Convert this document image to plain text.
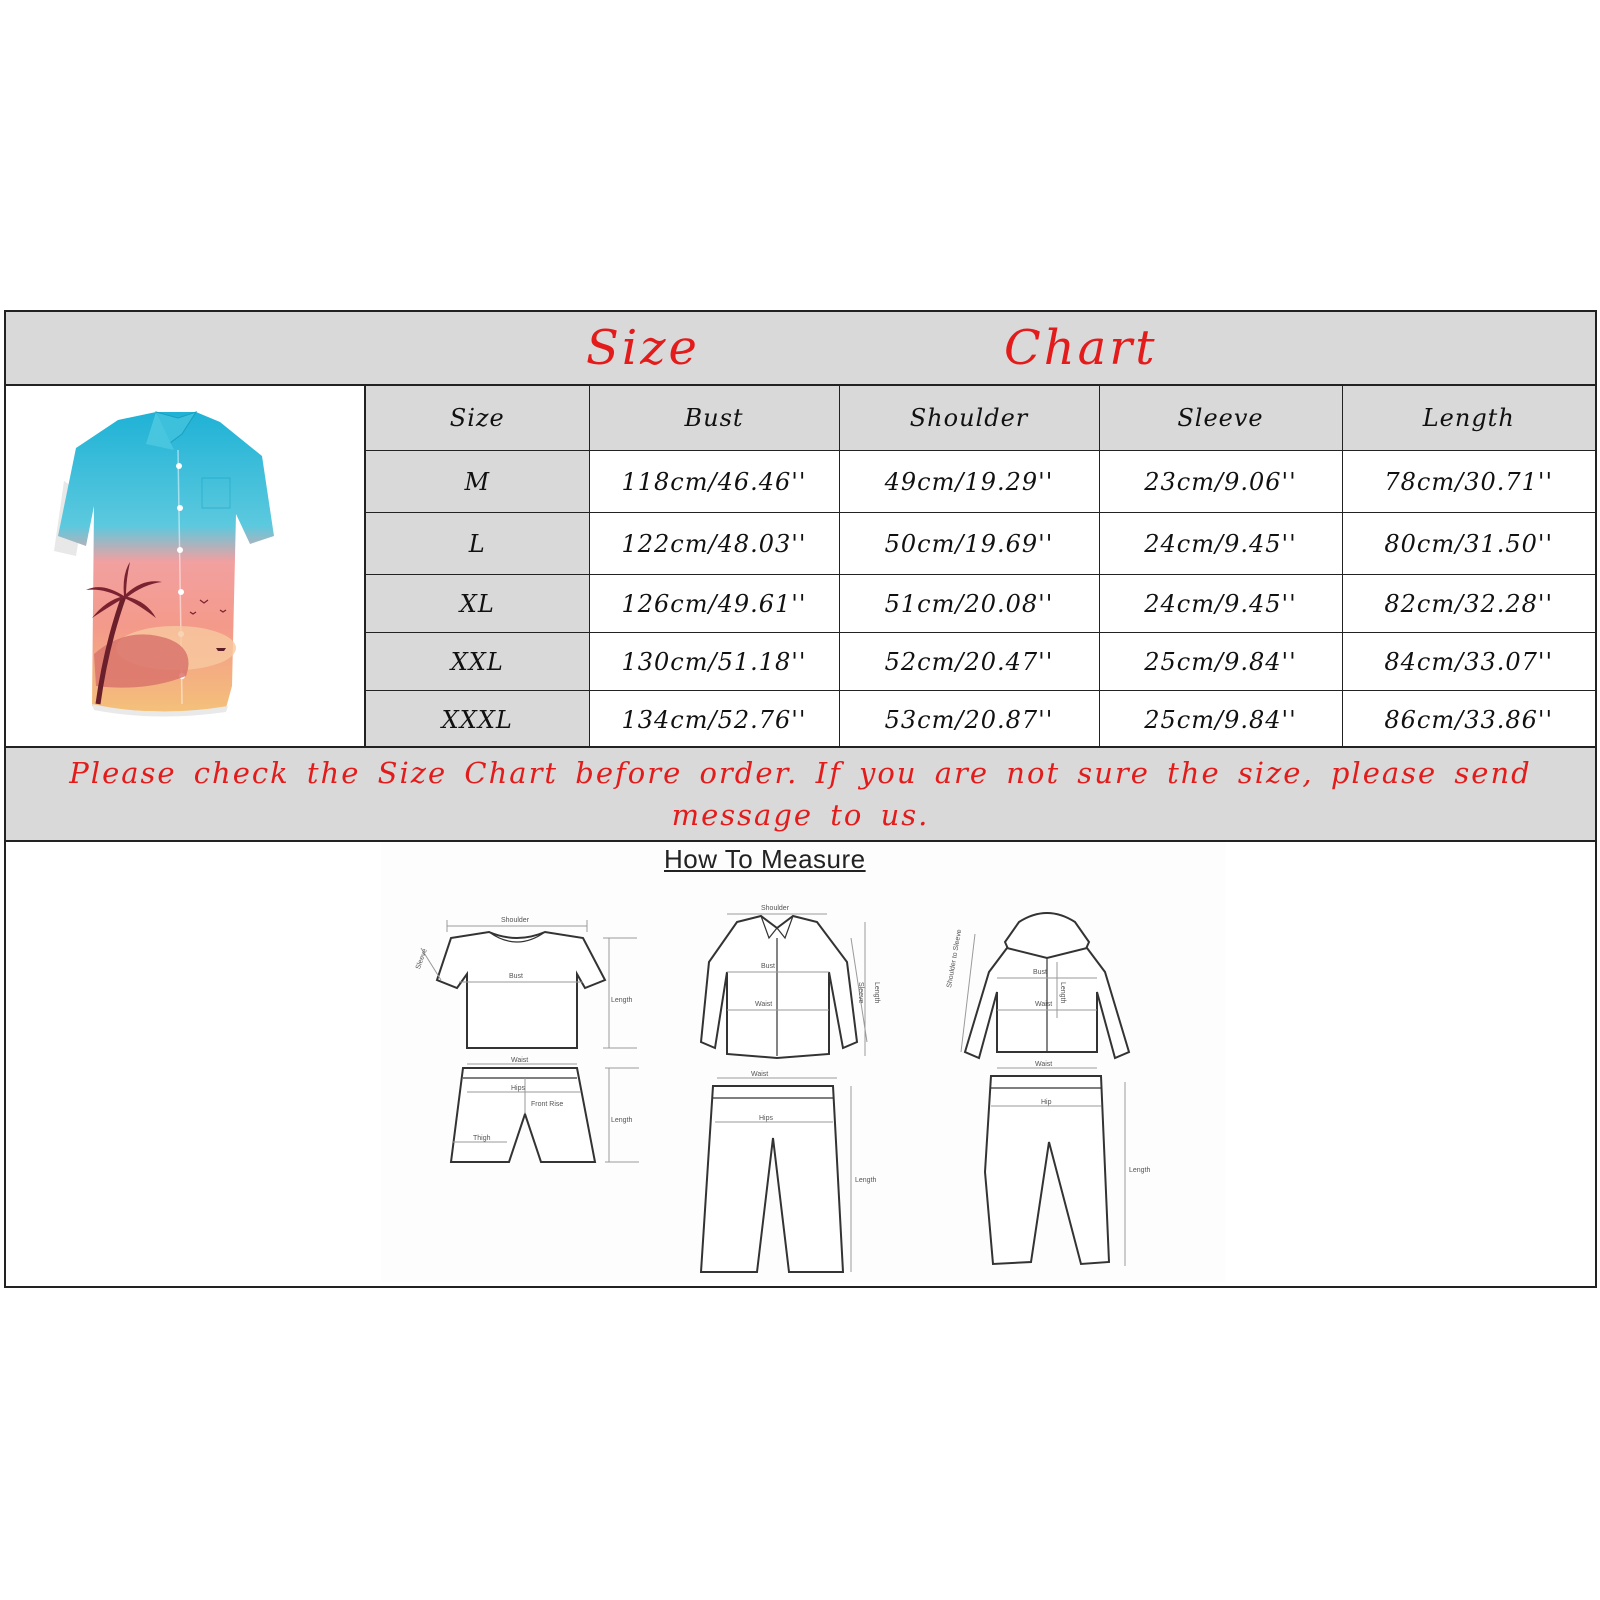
Size	Chart
Size	Bust	Shoulder	Sleeve	Length
M	118cm/46.46''	49cm/19.29''	23cm/9.06''	78cm/30.71''
L	122cm/48.03''	50cm/19.69''	24cm/9.45''	80cm/31.50''
XL	126cm/49.61''	51cm/20.08''	24cm/9.45''	82cm/32.28''
XXL	130cm/51.18''	52cm/20.47''	25cm/9.84''	84cm/33.07''
XXXL	134cm/52.76''	53cm/20.87''	25cm/9.84''	86cm/33.86''
Please check the Size Chart before order. If you are not sure the size, please send message to us.
How To Measure
Shoulder
Bust
Sleeve
Length
Waist
Hips
Front Rise
Thigh
Length
Shoulder
Bust
Waist
Sleeve Length
Waist
Hips
Length
Bust
Waist
Length
Shoulder to Sleeve
Waist
Hip
Length
